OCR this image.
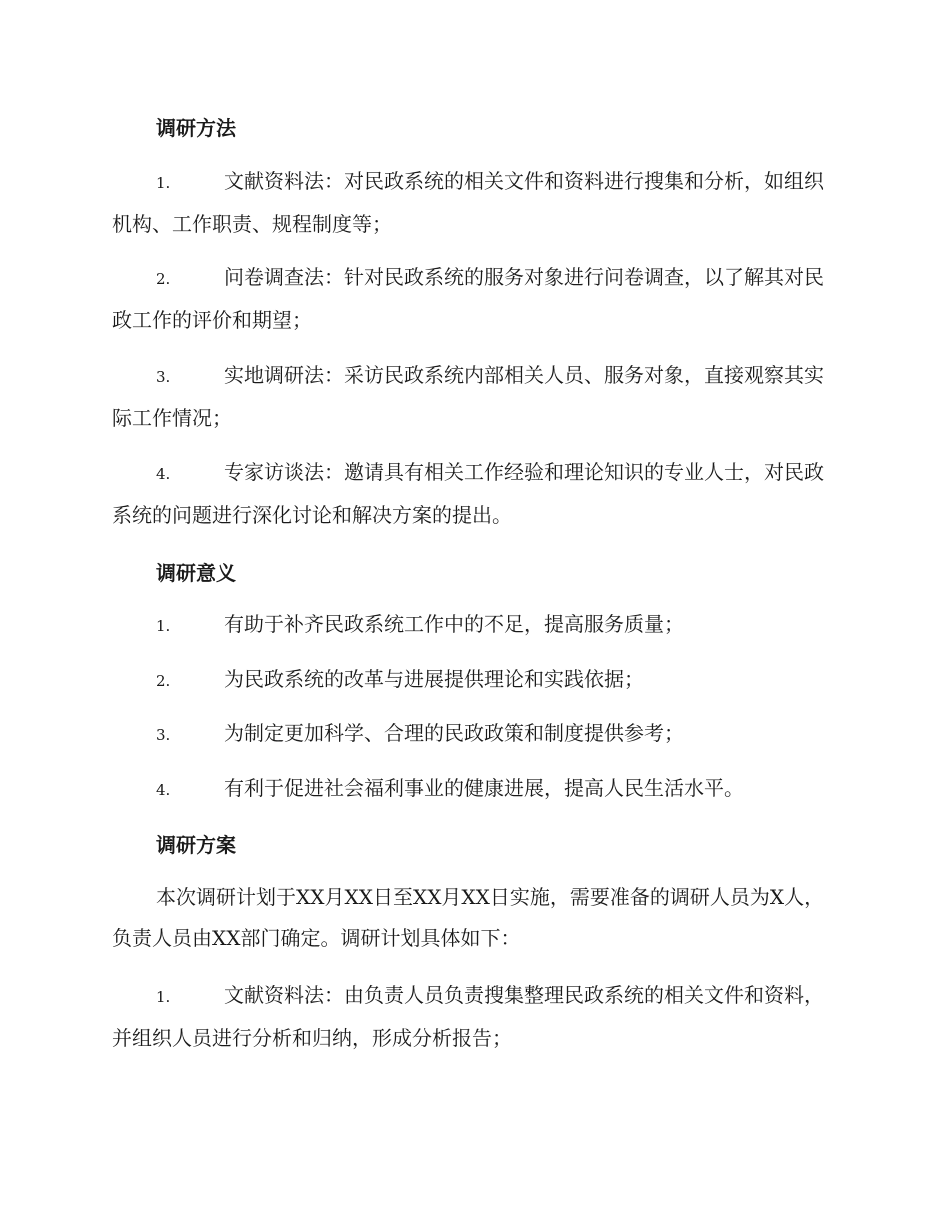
调研方法
1.	文献资料法：对民政系统的相关文件和资料进行搜集和分析，如组织机构、工作职责、规程制度等；
2.	问卷调查法：针对民政系统的服务对象进行问卷调查，以了解其对民政工作的评价和期望；
3.	实地调研法：采访民政系统内部相关人员、服务对象，直接观察其实际工作情况；
4.	专家访谈法：邀请具有相关工作经验和理论知识的专业人士，对民政系统的问题进行深化讨论和解决方案的提出。
调研意义
1.	有助于补齐民政系统工作中的不足，提高服务质量；
2.	为民政系统的改革与进展提供理论和实践依据；
3.	为制定更加科学、合理的民政政策和制度提供参考；
4.	有利于促进社会福利事业的健康进展，提高人民生活水平。
调研方案
本次调研计划于XX月XX日至XX月XX日实施，需要准备的调研人员为X人，负责人员由XX部门确定。调研计划具体如下：
1.	文献资料法：由负责人员负责搜集整理民政系统的相关文件和资料，并组织人员进行分析和归纳，形成分析报告；
